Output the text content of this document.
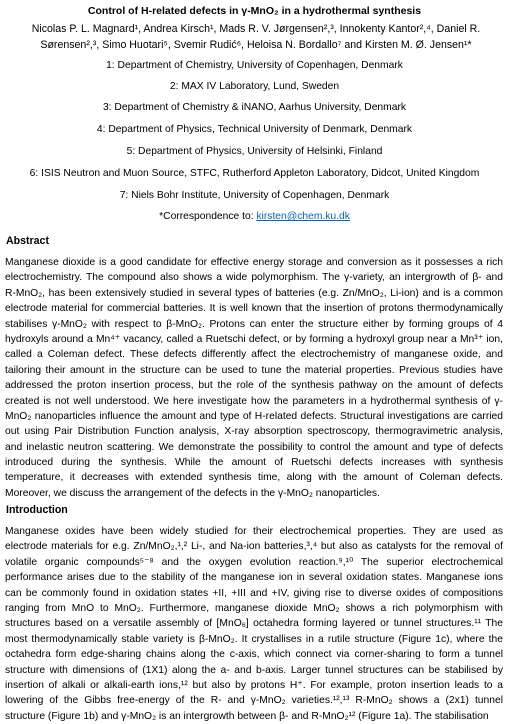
Control of H-related defects in γ-MnO₂ in a hydrothermal synthesis
Nicolas P. L. Magnard¹, Andrea Kirsch¹, Mads R. V. Jørgensen²,³, Innokenty Kantor²,⁴, Daniel R.
Sørensen²,³, Simo Huotari⁵, Svemir Rudić⁶, Heloisa N. Bordallo⁷ and Kirsten M. Ø. Jensen¹*
1: Department of Chemistry, University of Copenhagen, Denmark
2: MAX IV Laboratory, Lund, Sweden
3: Department of Chemistry & iNANO, Aarhus University, Denmark
4: Department of Physics, Technical University of Denmark, Denmark
5: Department of Physics, University of Helsinki, Finland
6: ISIS Neutron and Muon Source, STFC, Rutherford Appleton Laboratory, Didcot, United Kingdom
7: Niels Bohr Institute, University of Copenhagen, Denmark
*Correspondence to: kirsten@chem.ku.dk
Abstract
Manganese dioxide is a good candidate for effective energy storage and conversion as it possesses a rich
electrochemistry. The compound also shows a wide polymorphism. The γ-variety, an intergrowth of β- and
R-MnO₂, has been extensively studied in several types of batteries (e.g. Zn/MnO₂, Li-ion) and is a common
electrode material for commercial batteries. It is well known that the insertion of protons thermodynamically
stabilises γ-MnO₂ with respect to β-MnO₂. Protons can enter the structure either by forming groups of 4
hydroxyls around a Mn⁴⁺ vacancy, called a Ruetschi defect, or by forming a hydroxyl group near a Mn³⁺ ion,
called a Coleman defect. These defects differently affect the electrochemistry of manganese oxide, and
tailoring their amount in the structure can be used to tune the material properties. Previous studies have
addressed the proton insertion process, but the role of the synthesis pathway on the amount of defects
created is not well understood. We here investigate how the parameters in a hydrothermal synthesis of γ-
MnO₂ nanoparticles influence the amount and type of H-related defects. Structural investigations are carried
out using Pair Distribution Function analysis, X-ray absorption spectroscopy, thermogravimetric analysis,
and inelastic neutron scattering. We demonstrate the possibility to control the amount and type of defects
introduced during the synthesis. While the amount of Ruetschi defects increases with synthesis
temperature, it decreases with extended synthesis time, along with the amount of Coleman defects.
Moreover, we discuss the arrangement of the defects in the γ-MnO₂ nanoparticles.
Introduction
Manganese oxides have been widely studied for their electrochemical properties. They are used as
electrode materials for e.g. Zn/MnO₂,¹,² Li-, and Na-ion batteries,³,⁴ but also as catalysts for the removal of
volatile organic compounds⁵⁻⁸ and the oxygen evolution reaction.⁹,¹⁰ The superior electrochemical
performance arises due to the stability of the manganese ion in several oxidation states. Manganese ions
can be commonly found in oxidation states +II, +III and +IV, giving rise to diverse oxides of compositions
ranging from MnO to MnO₂. Furthermore, manganese dioxide MnO₂ shows a rich polymorphism with
structures based on a versatile assembly of [MnO₆] octahedra forming layered or tunnel structures.¹¹ The
most thermodynamically stable variety is β-MnO₂. It crystallises in a rutile structure (Figure 1c), where the
octahedra form edge-sharing chains along the c-axis, which connect via corner-sharing to form a tunnel
structure with dimensions of (1X1) along the a- and b-axis. Larger tunnel structures can be stabilised by
insertion of alkali or alkali-earth ions,¹² but also by protons H⁺. For example, proton insertion leads to a
lowering of the Gibbs free-energy of the R- and γ-MnO₂ varieties.¹²,¹³ R-MnO₂ shows a (2x1) tunnel
structure (Figure 1b) and γ-MnO₂ is an intergrowth between β- and R-MnO₂¹² (Figure 1a). The stabilisation
